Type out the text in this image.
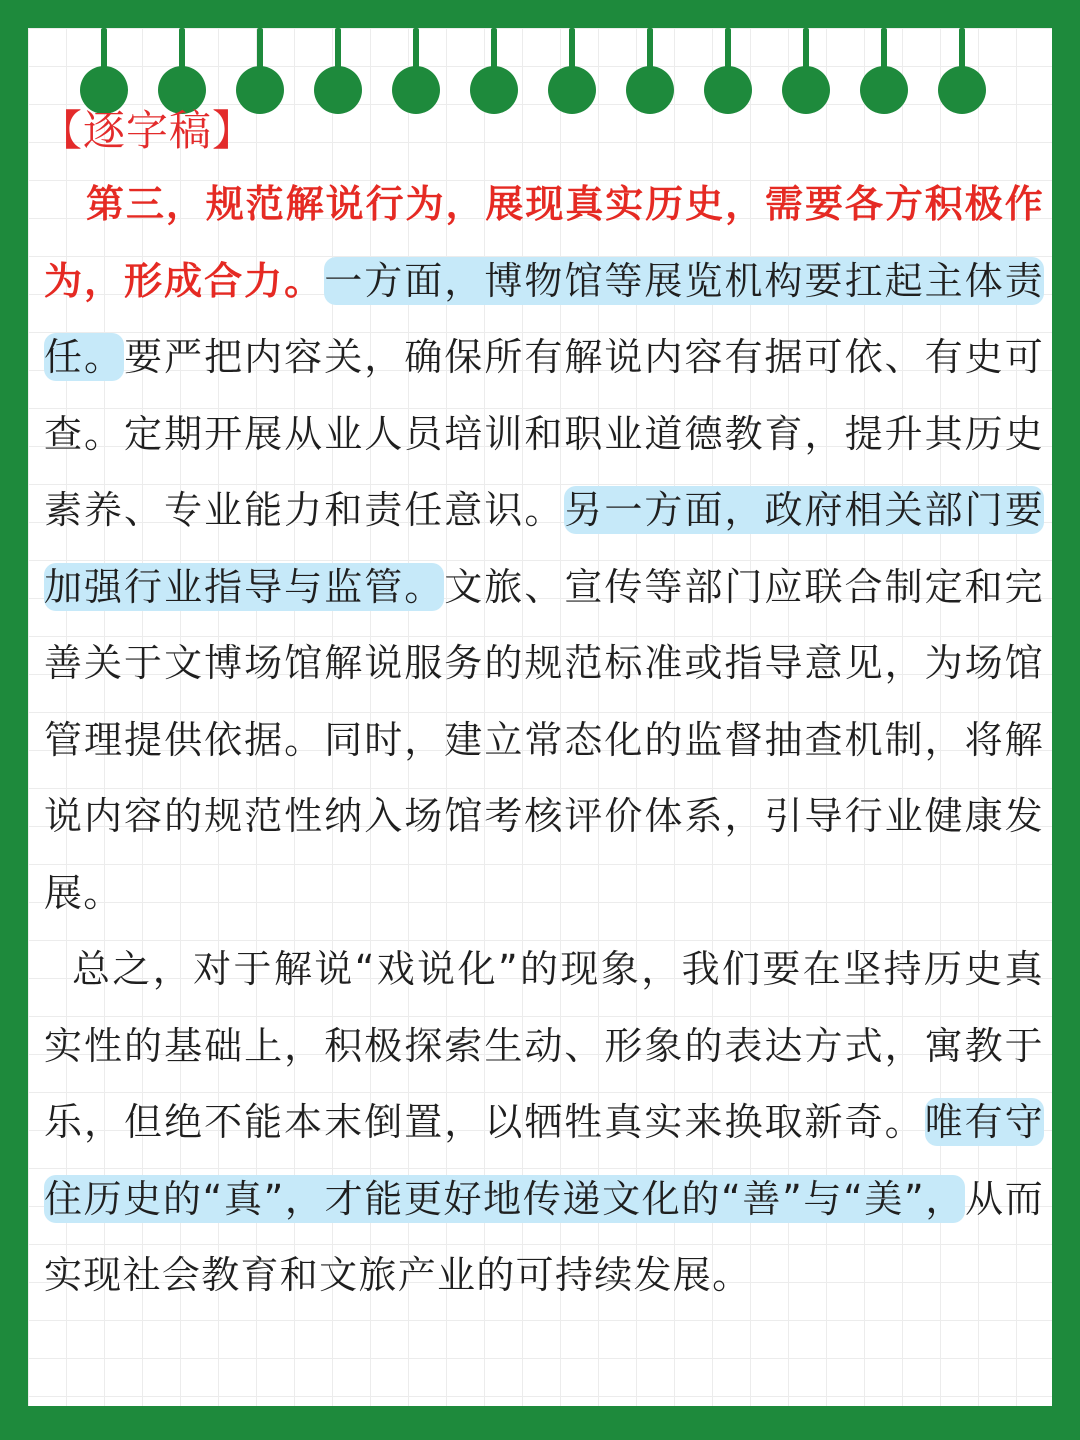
【逐字稿】

第三，规范解说行为，展现真实历史，需要各方积极作为，形成合力。一方面，博物馆等展览机构要扛起主体责任。要严把内容关，确保所有解说内容有据可依、有史可查。定期开展从业人员培训和职业道德教育，提升其历史素养、专业能力和责任意识。另一方面，政府相关部门要加强行业指导与监管。文旅、宣传等部门应联合制定和完善关于文博场馆解说服务的规范标准或指导意见，为场馆管理提供依据。同时，建立常态化的监督抽查机制，将解说内容的规范性纳入场馆考核评价体系，引导行业健康发展。

总之，对于解说“戏说化”的现象，我们要在坚持历史真实性的基础上，积极探索生动、形象的表达方式，寓教于乐，但绝不能本末倒置，以牺牲真实来换取新奇。唯有守住历史的“真”，才能更好地传递文化的“善”与“美”，从而实现社会教育和文旅产业的可持续发展。
